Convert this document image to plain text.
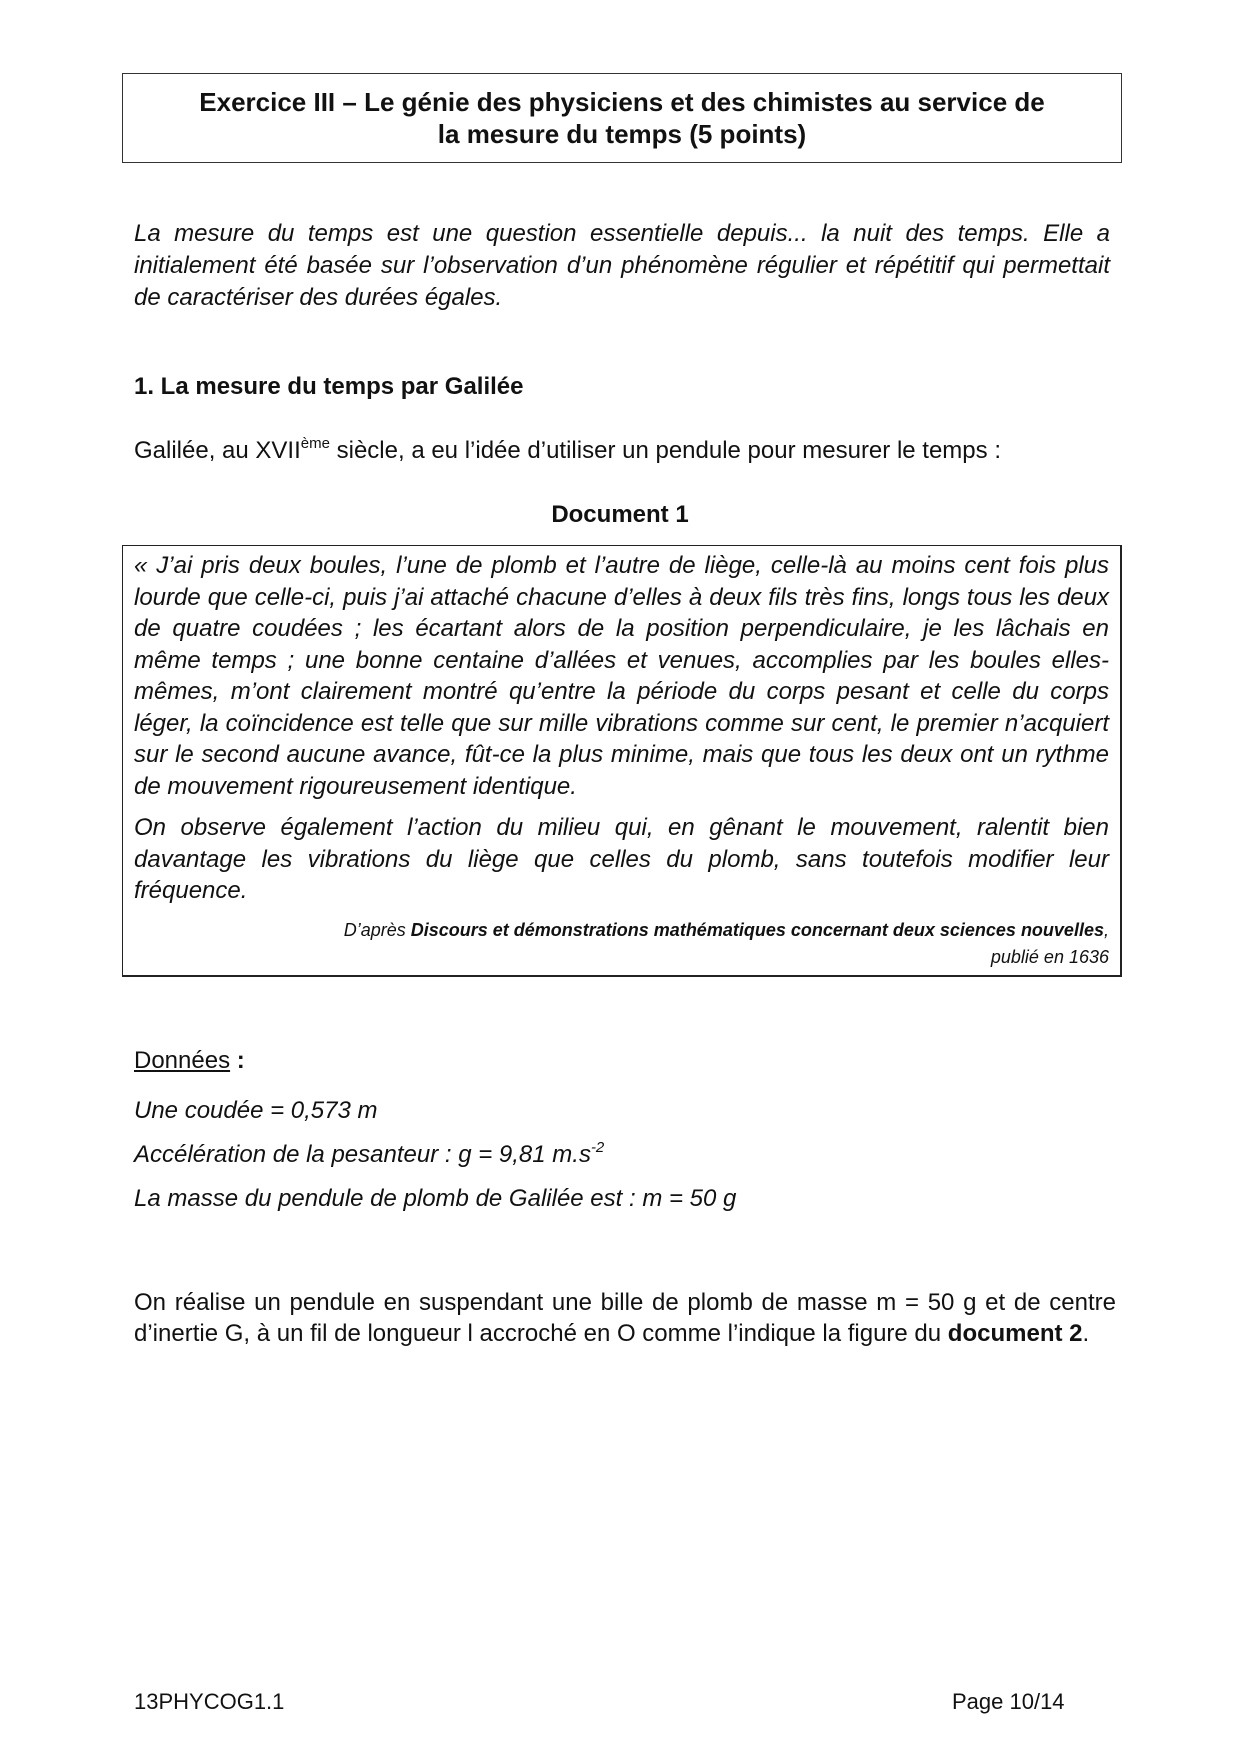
Exercice III – Le génie des physiciens et des chimistes au service de
la mesure du temps (5 points)
La mesure du temps est une question essentielle depuis... la nuit des temps. Elle a initialement été basée sur l’observation d’un phénomène régulier et répétitif qui permettait de caractériser des durées égales.
1. La mesure du temps par Galilée
Galilée, au XVIIème siècle, a eu l’idée d’utiliser un pendule pour mesurer le temps :
Document 1

« J’ai pris deux boules, l’une de plomb et l’autre de liège, celle-là au moins cent fois plus lourde que celle-ci, puis j’ai attaché chacune d’elles à deux fils très fins, longs tous les deux de quatre coudées ; les écartant alors de la position perpendiculaire, je les lâchais en même temps ; une bonne centaine d’allées et venues, accomplies par les boules elles-mêmes, m’ont clairement montré qu’entre la période du corps pesant et celle du corps léger, la coïncidence est telle que sur mille vibrations comme sur cent, le premier n’acquiert sur le second aucune avance, fût-ce la plus minime, mais que tous les deux ont un rythme de mouvement rigoureusement identique.

On observe également l’action du milieu qui, en gênant le mouvement, ralentit bien davantage les vibrations du liège que celles du plomb, sans toutefois modifier leur fréquence.

D’après Discours et démonstrations mathématiques concernant deux sciences nouvelles,
publié en 1636
Données :
Une coudée = 0,573 m
Accélération de la pesanteur : g = 9,81 $m.s^{-2}$
La masse du pendule de plomb de Galilée est : m = 50 g
On réalise un pendule en suspendant une bille de plomb de masse m = 50 g et de centre d’inertie G, à un fil de longueur l accroché en O comme l’indique la figure du document 2.
13PHYCOG1.1	Page 10/14
